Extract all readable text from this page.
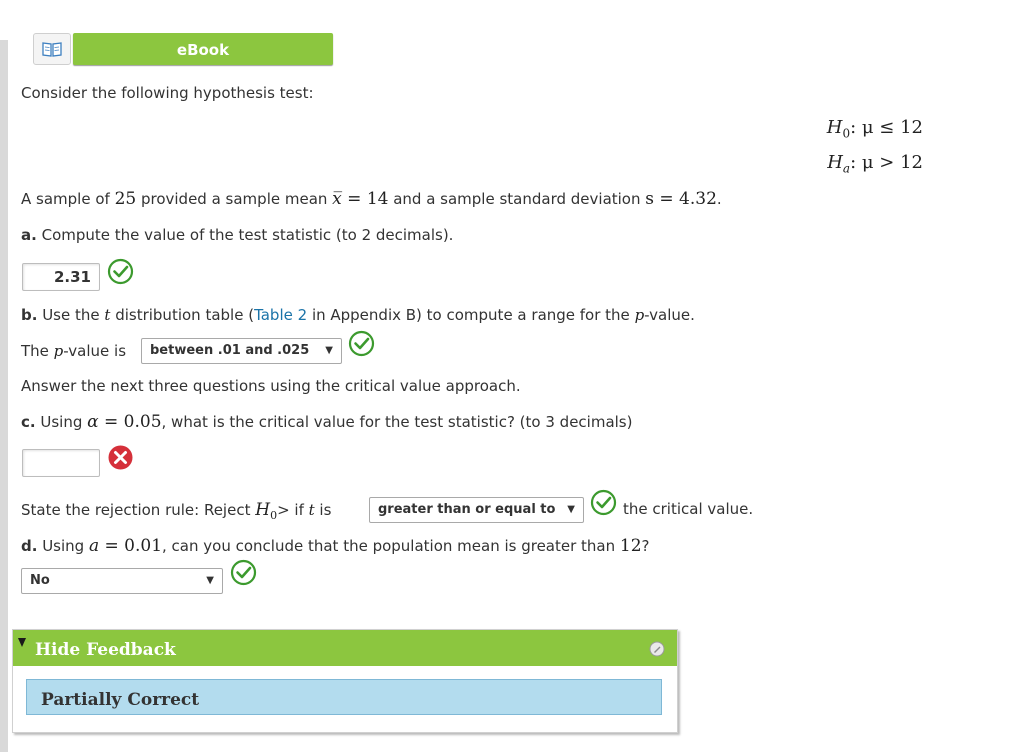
eBook
Consider the following hypothesis test:
$H_0$: μ ≤ 12
$H_a$: μ > 12
A sample of 25 provided a sample mean x̅ = 14 and a sample standard deviation s = 4.32.
a. Compute the value of the test statistic (to 2 decimals).
2.31
b. Use the t distribution table (Table 2 in Appendix B) to compute a range for the p-value.
The p-value is	between .01 and .025 ▼
Answer the next three questions using the critical value approach.
c. Using α = 0.05, what is the critical value for the test statistic? (to 3 decimals)
State the rejection rule: Reject $H_0>$ if t is	greater than or equal to ▼	the critical value.
d. Using a = 0.01, can you conclude that the population mean is greater than 12?
No	▼
Hide Feedback
Partially Correct
